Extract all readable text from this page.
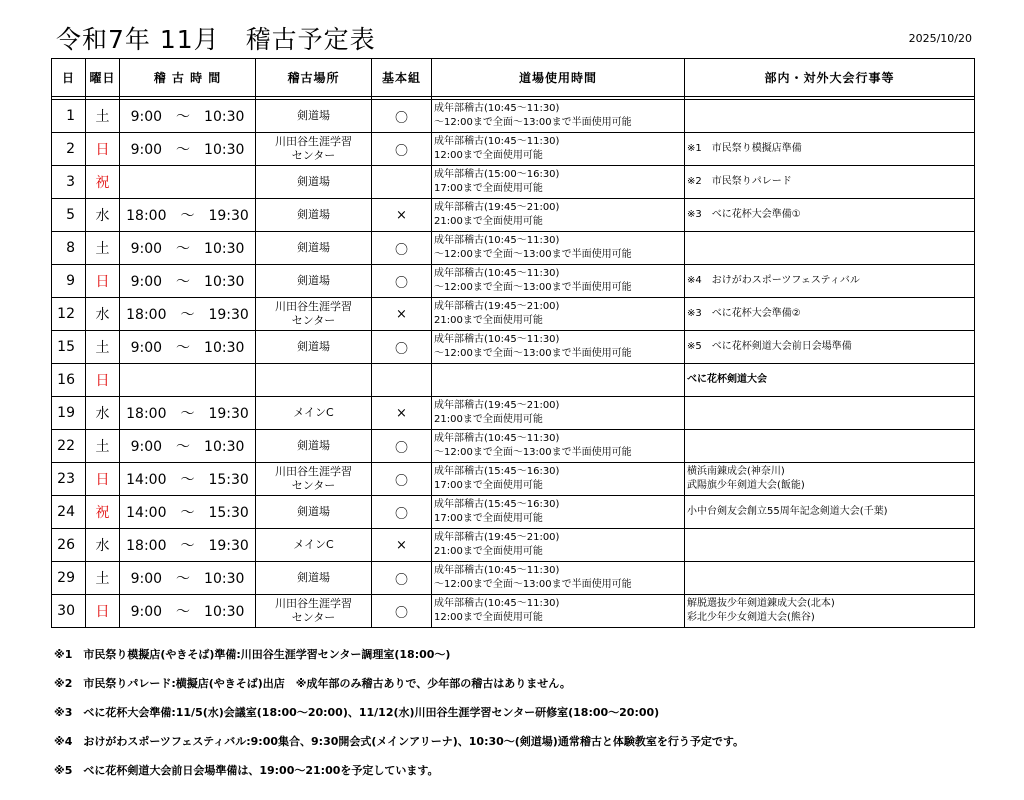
令和7年 11月　稽古予定表	2025/10/20
日	曜日	稽 古 時 間	稽古場所	基本組	道場使用時間	部内・対外大会行事等

1	土	9:00　～　10:30	剣道場	〇	成年部稽古(10:45～11:30)
～12:00まで全面～13:00まで半面使用可能	

2	日	9:00　～　10:30	川田谷生涯学習
センター	〇	成年部稽古(10:45～11:30)
12:00まで全面使用可能	※1　市民祭り模擬店準備

3	祝		剣道場		成年部稽古(15:00～16:30)
17:00まで全面使用可能	※2　市民祭りパレード

5	水	18:00　～　19:30	剣道場	×	成年部稽古(19:45～21:00)
21:00まで全面使用可能	※3　べに花杯大会準備①

8	土	9:00　～　10:30	剣道場	〇	成年部稽古(10:45～11:30)
～12:00まで全面～13:00まで半面使用可能	

9	日	9:00　～　10:30	剣道場	〇	成年部稽古(10:45～11:30)
～12:00まで全面～13:00まで半面使用可能	※4　おけがわスポーツフェスティバル

12	水	18:00　～　19:30	川田谷生涯学習
センター	×	成年部稽古(19:45～21:00)
21:00まで全面使用可能	※3　べに花杯大会準備②

15	土	9:00　～　10:30	剣道場	〇	成年部稽古(10:45～11:30)
～12:00まで全面～13:00まで半面使用可能	※5　べに花杯剣道大会前日会場準備

16	日					べに花杯剣道大会

19	水	18:00　～　19:30	メインC	×	成年部稽古(19:45～21:00)
21:00まで全面使用可能	

22	土	9:00　～　10:30	剣道場	〇	成年部稽古(10:45～11:30)
～12:00まで全面～13:00まで半面使用可能	

23	日	14:00　～　15:30	川田谷生涯学習
センター	〇	成年部稽古(15:45～16:30)
17:00まで全面使用可能	横浜南錬成会(神奈川)
武陽旗少年剣道大会(飯能)

24	祝	14:00　～　15:30	剣道場	〇	成年部稽古(15:45～16:30)
17:00まで全面使用可能	小中台剣友会創立55周年記念剣道大会(千葉)

26	水	18:00　～　19:30	メインC	×	成年部稽古(19:45～21:00)
21:00まで全面使用可能	

29	土	9:00　～　10:30	剣道場	〇	成年部稽古(10:45～11:30)
～12:00まで全面～13:00まで半面使用可能	

30	日	9:00　～　10:30	川田谷生涯学習
センター	〇	成年部稽古(10:45～11:30)
12:00まで全面使用可能	解脱選抜少年剣道錬成大会(北本)
彩北少年少女剣道大会(熊谷)
※1　市民祭り模擬店(やきそば)準備:川田谷生涯学習センター調理室(18:00～)
※2　市民祭りパレード:横擬店(やきそば)出店　※成年部のみ稽古ありで、少年部の稽古はありません。
※3　べに花杯大会準備:11/5(水)会議室(18:00～20:00)、11/12(水)川田谷生涯学習センター研修室(18:00～20:00)
※4　おけがわスポーツフェスティバル:9:00集合、9:30開会式(メインアリーナ)、10:30～(剣道場)通常稽古と体験教室を行う予定です。
※5　べに花杯剣道大会前日会場準備は、19:00～21:00を予定しています。
